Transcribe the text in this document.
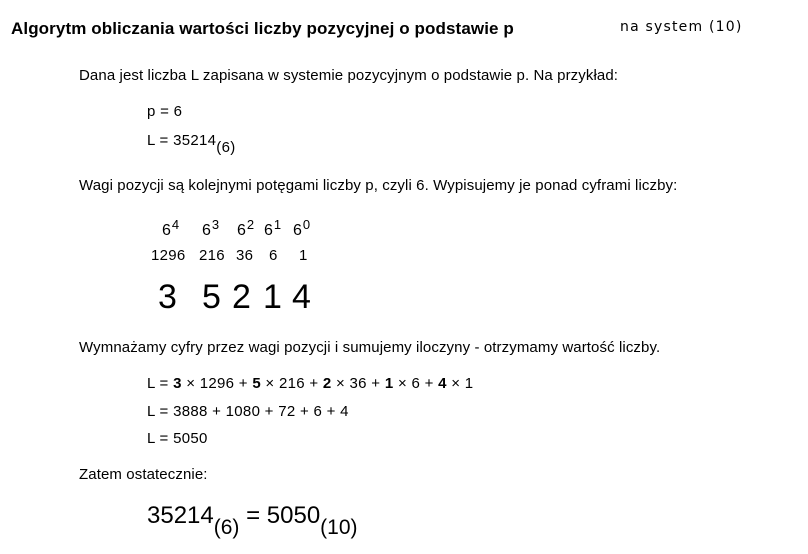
Algorytm obliczania wartości liczby pozycyjnej o podstawie p	na system (10)
Dana jest liczba L zapisana w systemie pozycyjnym o podstawie p. Na przykład:
p = 6
L = 35214(6)
Wagi pozycji są kolejnymi potęgami liczby p, czyli 6. Wypisujemy je ponad cyframi liczby:
$6^4$ $6^3$ $6^2$ $6^1$ $6^0$
1296 216 36 6 1
3 5 2 1 4
Wymnażamy cyfry przez wagi pozycji i sumujemy iloczyny - otrzymamy wartość liczby.
L = 3 × 1296 + 5 × 216 + 2 × 36 + 1 × 6 + 4 × 1
L = 3888 + 1080 + 72 + 6 + 4
L = 5050
Zatem ostatecznie:
35214(6) = 5050(10)
